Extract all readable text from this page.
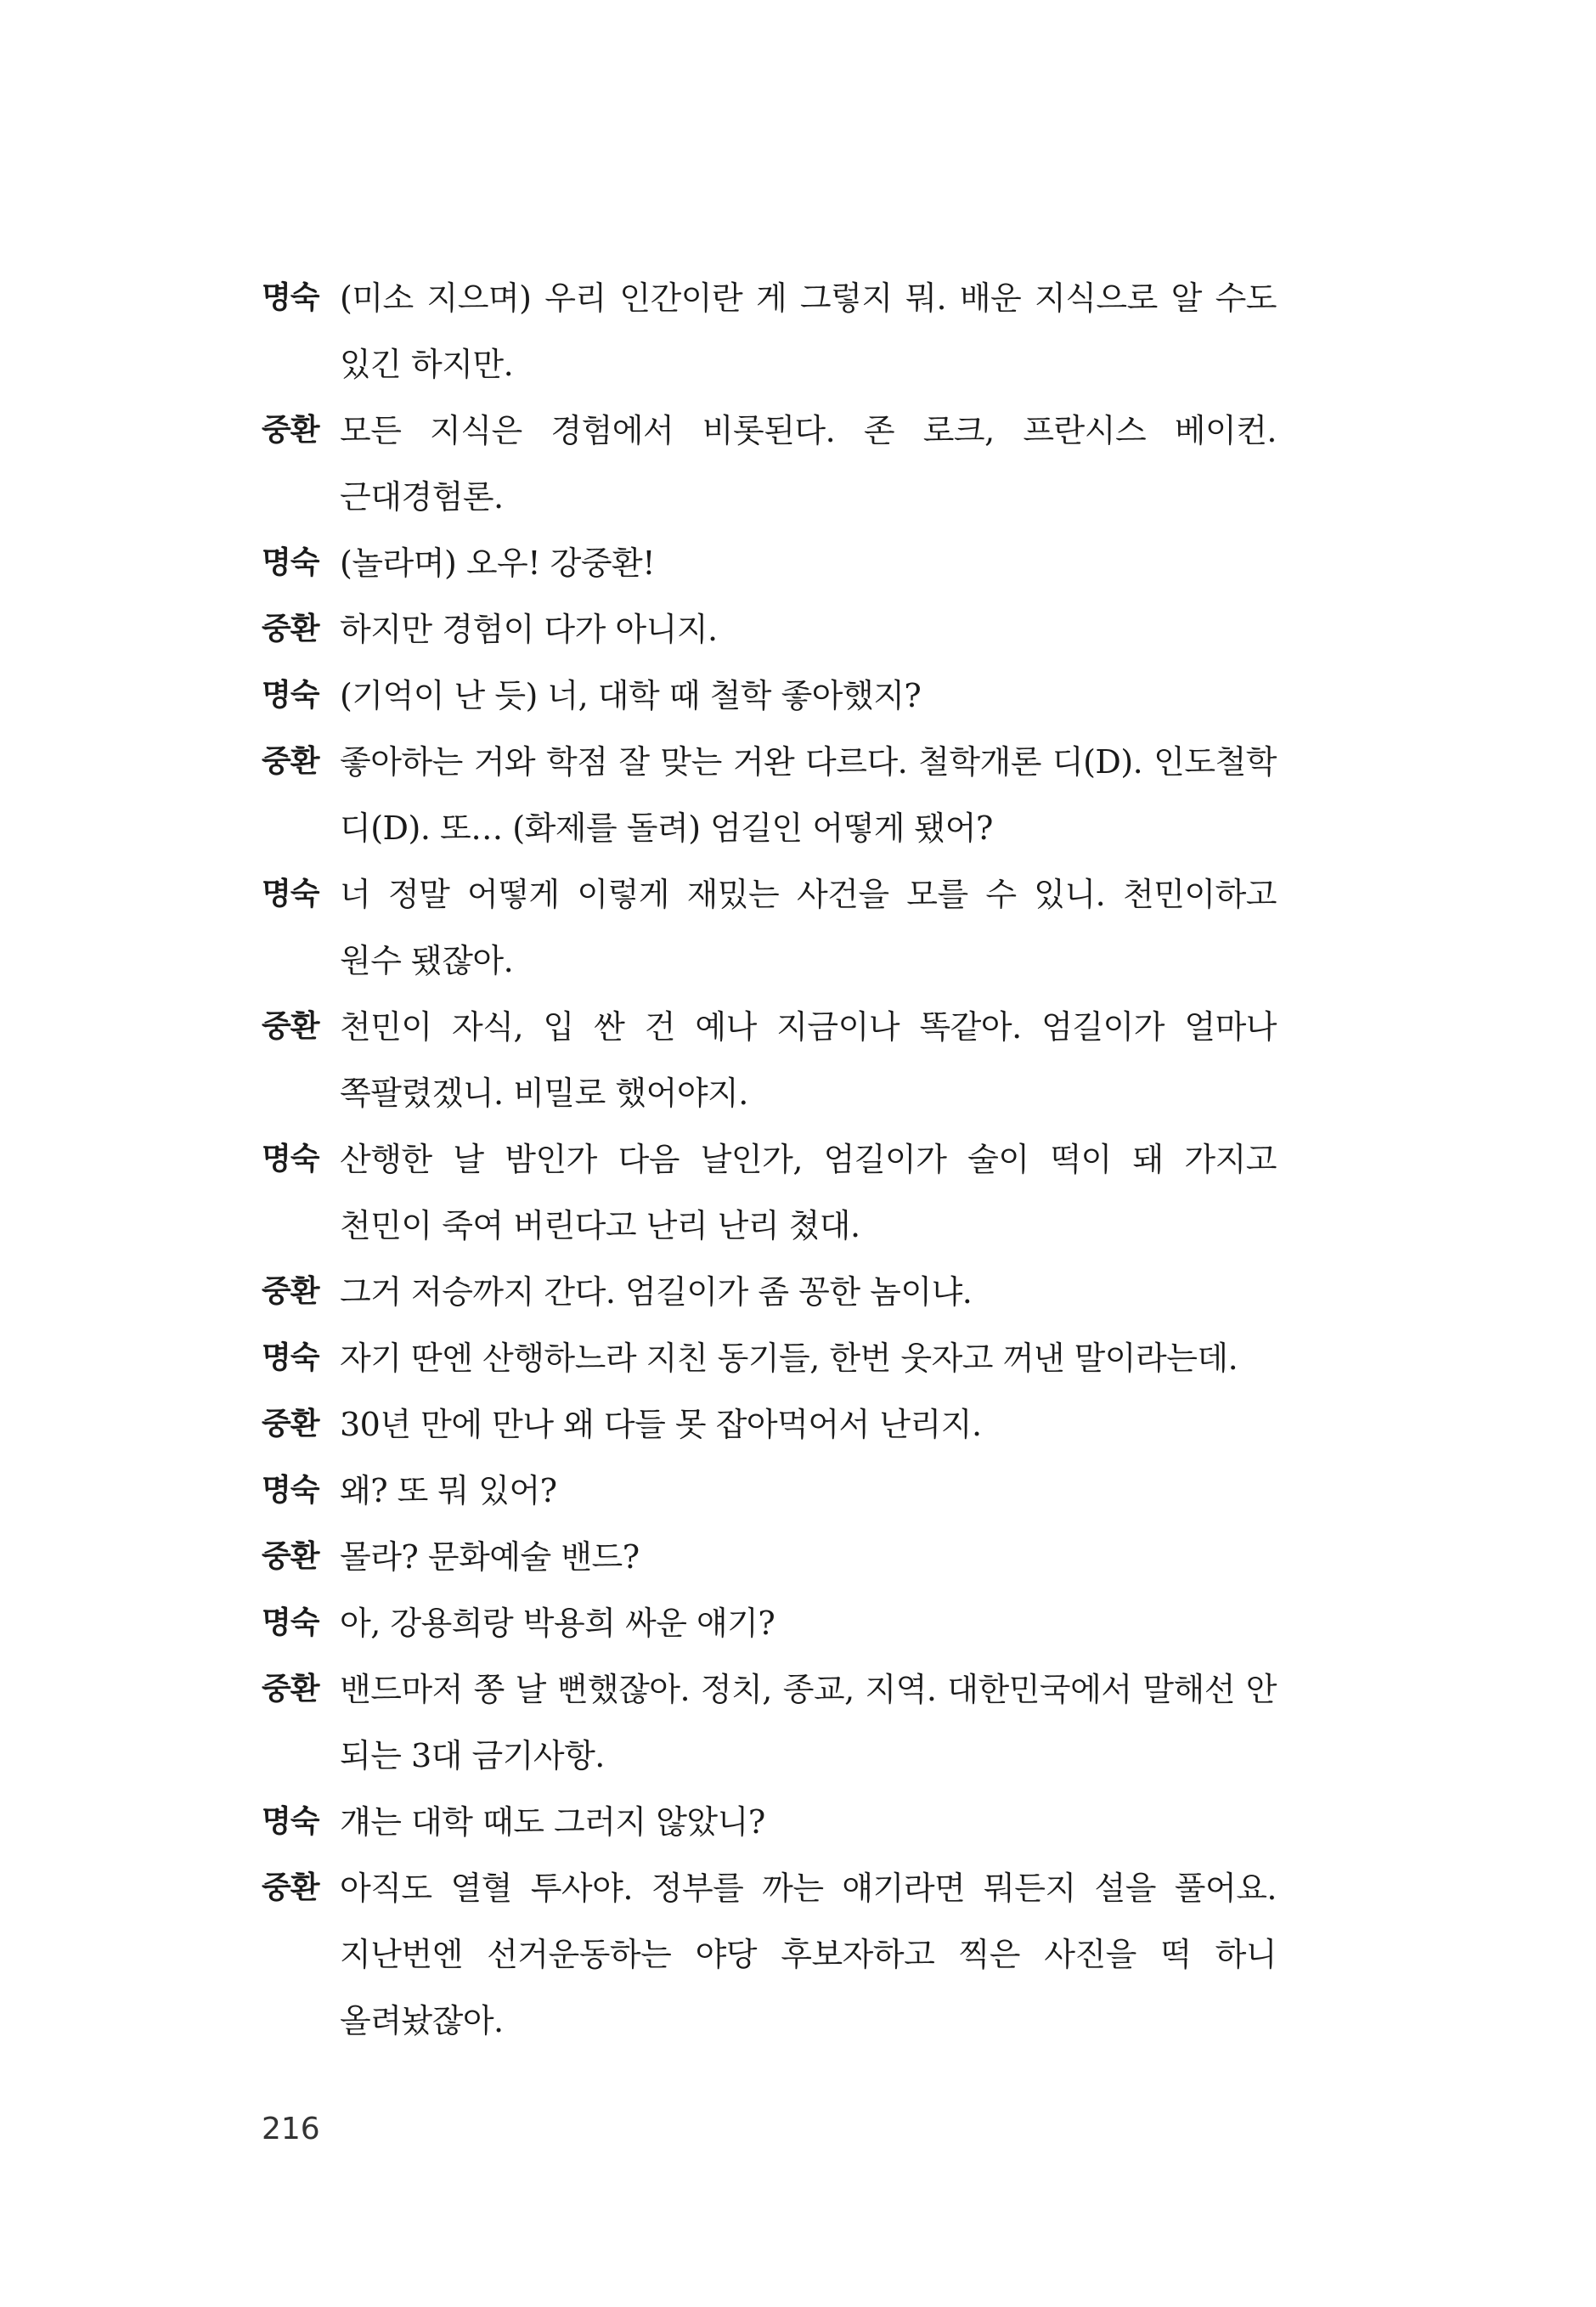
명숙 (미소 지으며) 우리 인간이란 게 그렇지 뭐. 배운 지식으로 알 수도 있긴 하지만.
중환 모든 지식은 경험에서 비롯된다. 존 로크, 프란시스 베이컨. 근대경험론.
명숙 (놀라며) 오우! 강중환!
중환 하지만 경험이 다가 아니지.
명숙 (기억이 난 듯) 너, 대학 때 철학 좋아했지?
중환 좋아하는 거와 학점 잘 맞는 거완 다르다. 철학개론 디(D). 인도철학 디(D). 또… (화제를 돌려) 엄길인 어떻게 됐어?
명숙 너 정말 어떻게 이렇게 재밌는 사건을 모를 수 있니. 천민이하고 원수 됐잖아.
중환 천민이 자식, 입 싼 건 예나 지금이나 똑같아. 엄길이가 얼마나 쪽팔렸겠니. 비밀로 했어야지.
명숙 산행한 날 밤인가 다음 날인가, 엄길이가 술이 떡이 돼 가지고 천민이 죽여 버린다고 난리 난리 쳤대.
중환 그거 저승까지 간다. 엄길이가 좀 꽁한 놈이냐.
명숙 자기 딴엔 산행하느라 지친 동기들, 한번 웃자고 꺼낸 말이라는데.
중환 30년 만에 만나 왜 다들 못 잡아먹어서 난리지.
명숙 왜? 또 뭐 있어?
중환 몰라? 문화예술 밴드?
명숙 아, 강용희랑 박용희 싸운 얘기?
중환 밴드마저 쫑 날 뻔했잖아. 정치, 종교, 지역. 대한민국에서 말해선 안 되는 3대 금기사항.
명숙 걔는 대학 때도 그러지 않았니?
중환 아직도 열혈 투사야. 정부를 까는 얘기라면 뭐든지 설을 풀어요. 지난번엔 선거운동하는 야당 후보자하고 찍은 사진을 떡 하니 올려놨잖아.
216
